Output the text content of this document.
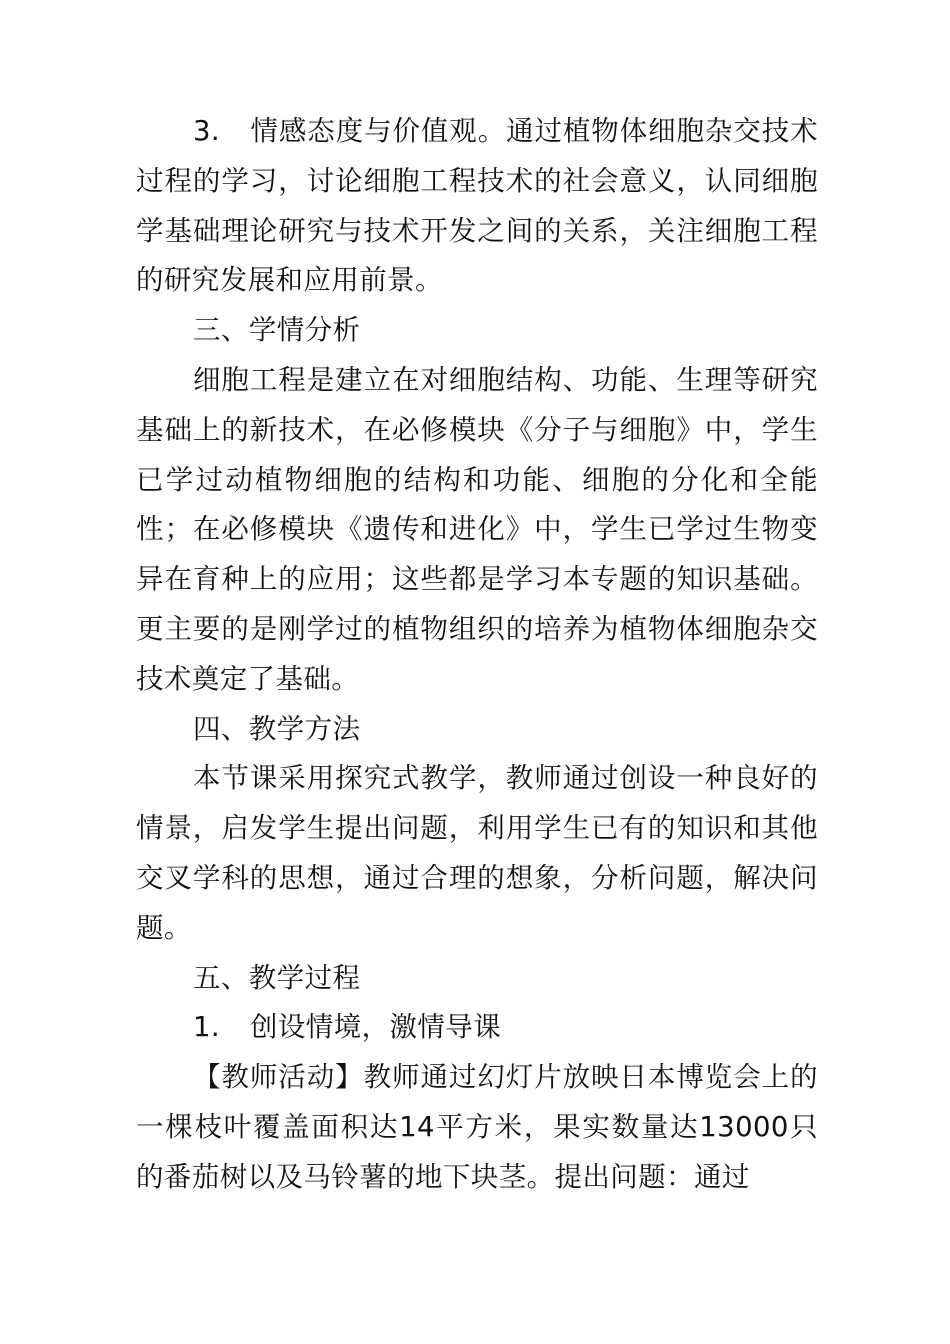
3. 情感态度与价值观。通过植物体细胞杂交技术过程的学习，讨论细胞工程技术的社会意义，认同细胞学基础理论研究与技术开发之间的关系，关注细胞工程的研究发展和应用前景。

三、学情分析

细胞工程是建立在对细胞结构、功能、生理等研究基础上的新技术，在必修模块《分子与细胞》中，学生已学过动植物细胞的结构和功能、细胞的分化和全能性；在必修模块《遗传和进化》中，学生已学过生物变异在育种上的应用；这些都是学习本专题的知识基础。更主要的是刚学过的植物组织的培养为植物体细胞杂交技术奠定了基础。

四、教学方法

本节课采用探究式教学，教师通过创设一种良好的情景，启发学生提出问题，利用学生已有的知识和其他交叉学科的思想，通过合理的想象，分析问题，解决问题。

五、教学过程

1. 创设情境，激情导课

【教师活动】教师通过幻灯片放映日本博览会上的一棵枝叶覆盖面积达14平方米，果实数量达13000只的番茄树以及马铃薯的地下块茎。提出问题：通过
